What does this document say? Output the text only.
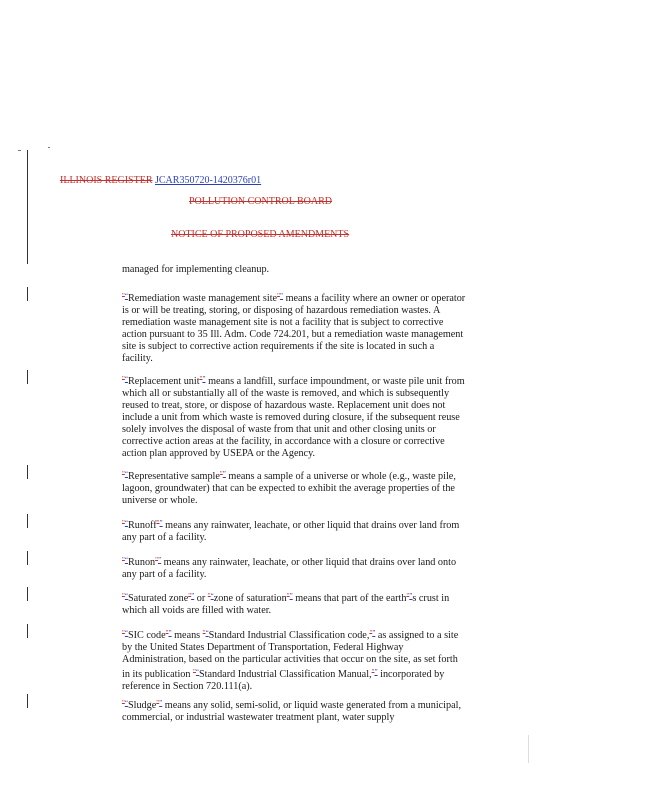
ILLINOIS REGISTER JCAR350720-1420376r01
POLLUTION CONTROL BOARD
NOTICE OF PROPOSED AMENDMENTS
managed for implementing cleanup.
"“Remediation waste management site"” means a facility where an owner or operator is or will be treating, storing, or disposing of hazardous remediation wastes. A remediation waste management site is not a facility that is subject to corrective action pursuant to 35 Ill. Adm. Code 724.201, but a remediation waste management site is subject to corrective action requirements if the site is located in such a facility.
"“Replacement unit"” means a landfill, surface impoundment, or waste pile unit from which all or substantially all of the waste is removed, and which is subsequently reused to treat, store, or dispose of hazardous waste. Replacement unit does not include a unit from which waste is removed during closure, if the subsequent reuse solely involves the disposal of waste from that unit and other closing units or corrective action areas at the facility, in accordance with a closure or corrective action plan approved by USEPA or the Agency.
"“Representative sample"” means a sample of a universe or whole (e.g., waste pile, lagoon, groundwater) that can be expected to exhibit the average properties of the universe or whole.
"“Runoff"” means any rainwater, leachate, or other liquid that drains over land from any part of a facility.
"“Runon"” means any rainwater, leachate, or other liquid that drains over land onto any part of a facility.
"“Saturated zone"” or "“zone of saturation"” means that part of the earth"”s crust in which all voids are filled with water.
"“SIC code"” means "“Standard Industrial Classification code,"” as assigned to a site by the United States Department of Transportation, Federal Highway Administration, based on the particular activities that occur on the site, as set forth in its publication "“Standard Industrial Classification Manual,"” incorporated by reference in Section 720.111(a).
"“Sludge"” means any solid, semi-solid, or liquid waste generated from a municipal, commercial, or industrial wastewater treatment plant, water supply
